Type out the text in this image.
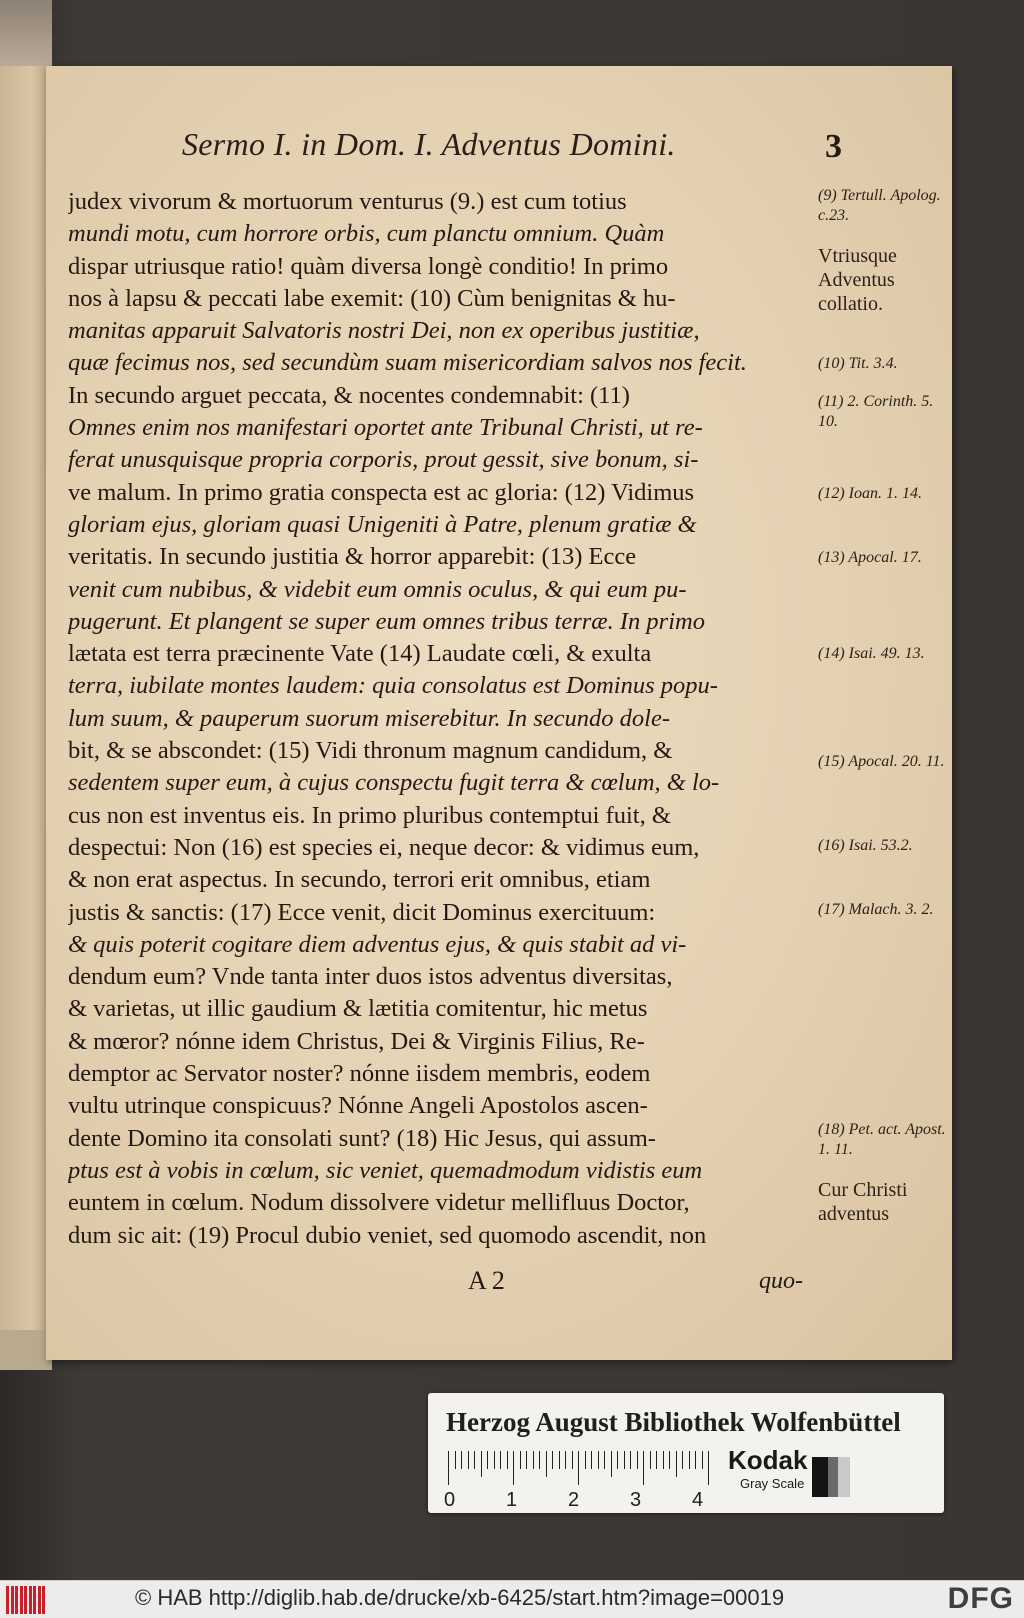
Sermo I. in Dom. I. Adventus Domini.	3
judex vivorum & mortuorum venturus (9.) est cum totius
mundi motu, cum horrore orbis, cum planctu omnium. Quàm
dispar utriusque ratio! quàm diversa longè conditio! In primo
nos à lapsu & peccati labe exemit: (10) Cùm benignitas & hu-
manitas apparuit Salvatoris nostri Dei, non ex operibus justitiæ,
quæ fecimus nos, sed secundùm suam misericordiam salvos nos fecit.
In secundo arguet peccata, & nocentes condemnabit: (11)
Omnes enim nos manifestari oportet ante Tribunal Christi, ut re-
ferat unusquisque propria corporis, prout gessit, sive bonum, si-
ve malum. In primo gratia conspecta est ac gloria: (12) Vidimus
gloriam ejus, gloriam quasi Unigeniti à Patre, plenum gratiæ &
veritatis. In secundo justitia & horror apparebit: (13) Ecce
venit cum nubibus, & videbit eum omnis oculus, & qui eum pu-
pugerunt. Et plangent se super eum omnes tribus terræ. In primo
lætata est terra præcinente Vate (14) Laudate cœli, & exulta
terra, iubilate montes laudem: quia consolatus est Dominus popu-
lum suum, & pauperum suorum miserebitur. In secundo dole-
bit, & se abscondet: (15) Vidi thronum magnum candidum, &
sedentem super eum, à cujus conspectu fugit terra & cœlum, & lo-
cus non est inventus eis. In primo pluribus contemptui fuit, &
despectui: Non (16) est species ei, neque decor: & vidimus eum,
& non erat aspectus. In secundo, terrori erit omnibus, etiam
justis & sanctis: (17) Ecce venit, dicit Dominus exercituum:
& quis poterit cogitare diem adventus ejus, & quis stabit ad vi-
dendum eum? Vnde tanta inter duos istos adventus diversitas,
& varietas, ut illic gaudium & lætitia comitentur, hic metus
& mœror? nónne idem Christus, Dei & Virginis Filius, Re-
demptor ac Servator noster? nónne iisdem membris, eodem
vultu utrinque conspicuus? Nónne Angeli Apostolos ascen-
dente Domino ita consolati sunt? (18) Hic Jesus, qui assum-
ptus est à vobis in cœlum, sic veniet, quemadmodum vidistis eum
euntem in cœlum. Nodum dissolvere videtur mellifluus Doctor,
dum sic ait: (19) Procul dubio veniet, sed quomodo ascendit, non
(9) Tertull. Apolog. c.23.
Vtriusque Adventus collatio.
(10) Tit. 3.4.
(11) 2. Corinth. 5. 10.
(12) Ioan. 1. 14.
(13) Apocal. 17.
(14) Isai. 49. 13.
(15) Apocal. 20. 11.
(16) Isai. 53.2.
(17) Malach. 3. 2.
(18) Pet. act. Apost. 1. 11.
Cur Christi adventus
A 2	quo-
Herzog August Bibliothek Wolfenbüttel
0	1	2	3	4
Kodak
Gray Scale
© HAB http://diglib.hab.de/drucke/xb-6425/start.htm?image=00019	DFG
